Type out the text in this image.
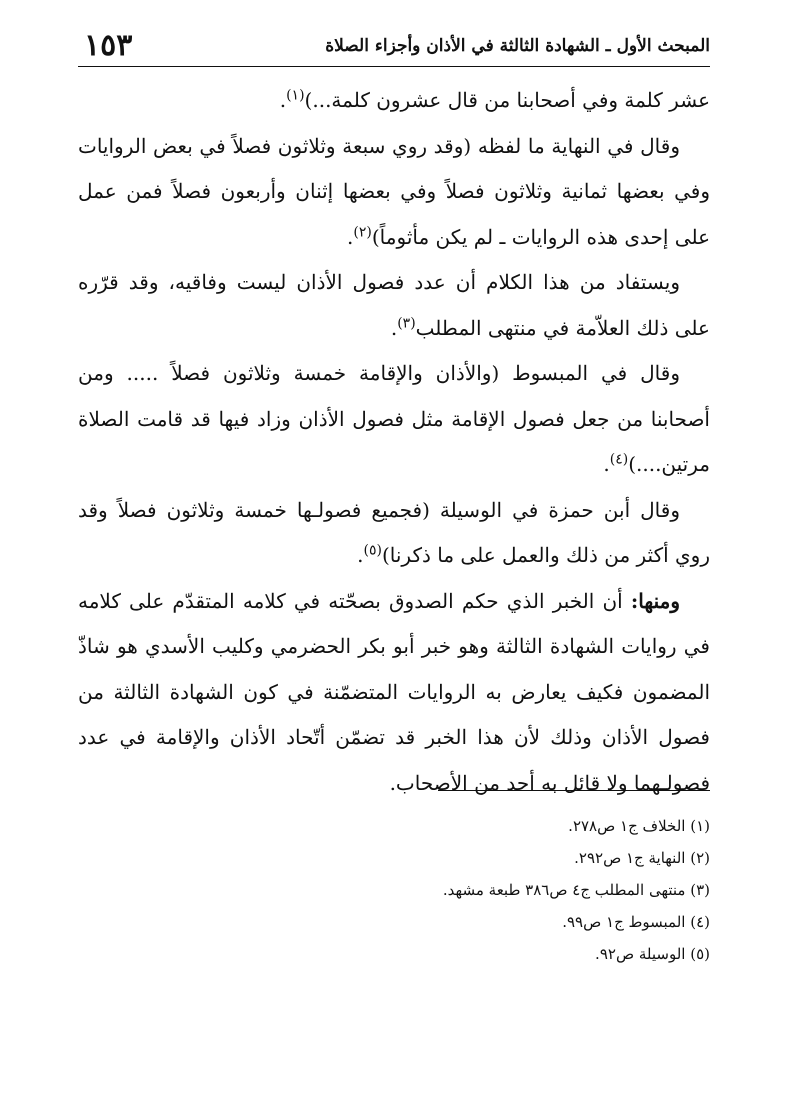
المبحث الأول ـ الشهادة الثالثة في الأذان وأجزاء الصلاة
١٥٣

عشر كلمة وفي أصحابنا من قال عشرون كلمة...)$^{(١)}$.

وقال في النهاية ما لفظه (وقد روي سبعة وثلاثون فصلاً في بعض الروايات وفي بعضها ثمانية وثلاثون فصلاً وفي بعضها إثنان وأربعون فصلاً فمن عمل على إحدى هذه الروايات ـ لم يكن مأثوماً)$^{(٢)}$.

ويستفاد من هذا الكلام أن عدد فصول الأذان ليست وفاقيه، وقد قرّره على ذلك العلاّمة في منتهى المطلب$^{(٣)}$.

وقال في المبسوط (والأذان والإقامة خمسة وثلاثون فصلاً ..... ومن أصحابنا من جعل فصول الإقامة مثل فصول الأذان وزاد فيها قد قامت الصلاة مرتين....)$^{(٤)}$.

وقال أبن حمزة في الوسيلة (فجميع فصولـها خمسة وثلاثون فصلاً وقد روي أكثر من ذلك والعمل على ما ذكرنا)$^{(٥)}$.

ومنها: أن الخبر الذي حكم الصدوق بصحّته في كلامه المتقدّم على كلامه في روايات الشهادة الثالثة وهو خبر أبو بكر الحضرمي وكليب الأسدي هو شاذّ المضمون فكيف يعارض به الروايات المتضمّنة في كون الشهادة الثالثة من فصول الأذان وذلك لأن هذا الخبر قد تضمّن أتّحاد الأذان والإقامة في عدد فصولـهما ولا قائل به أحد من الأصحاب.

(١) الخلاف ج١ ص٢٧٨.
(٢) النهاية ج١ ص٢٩٢.
(٣) منتهى المطلب ج٤ ص٣٨٦ طبعة مشهد.
(٤) المبسوط ج١ ص٩٩.
(٥) الوسيلة ص٩٢.
